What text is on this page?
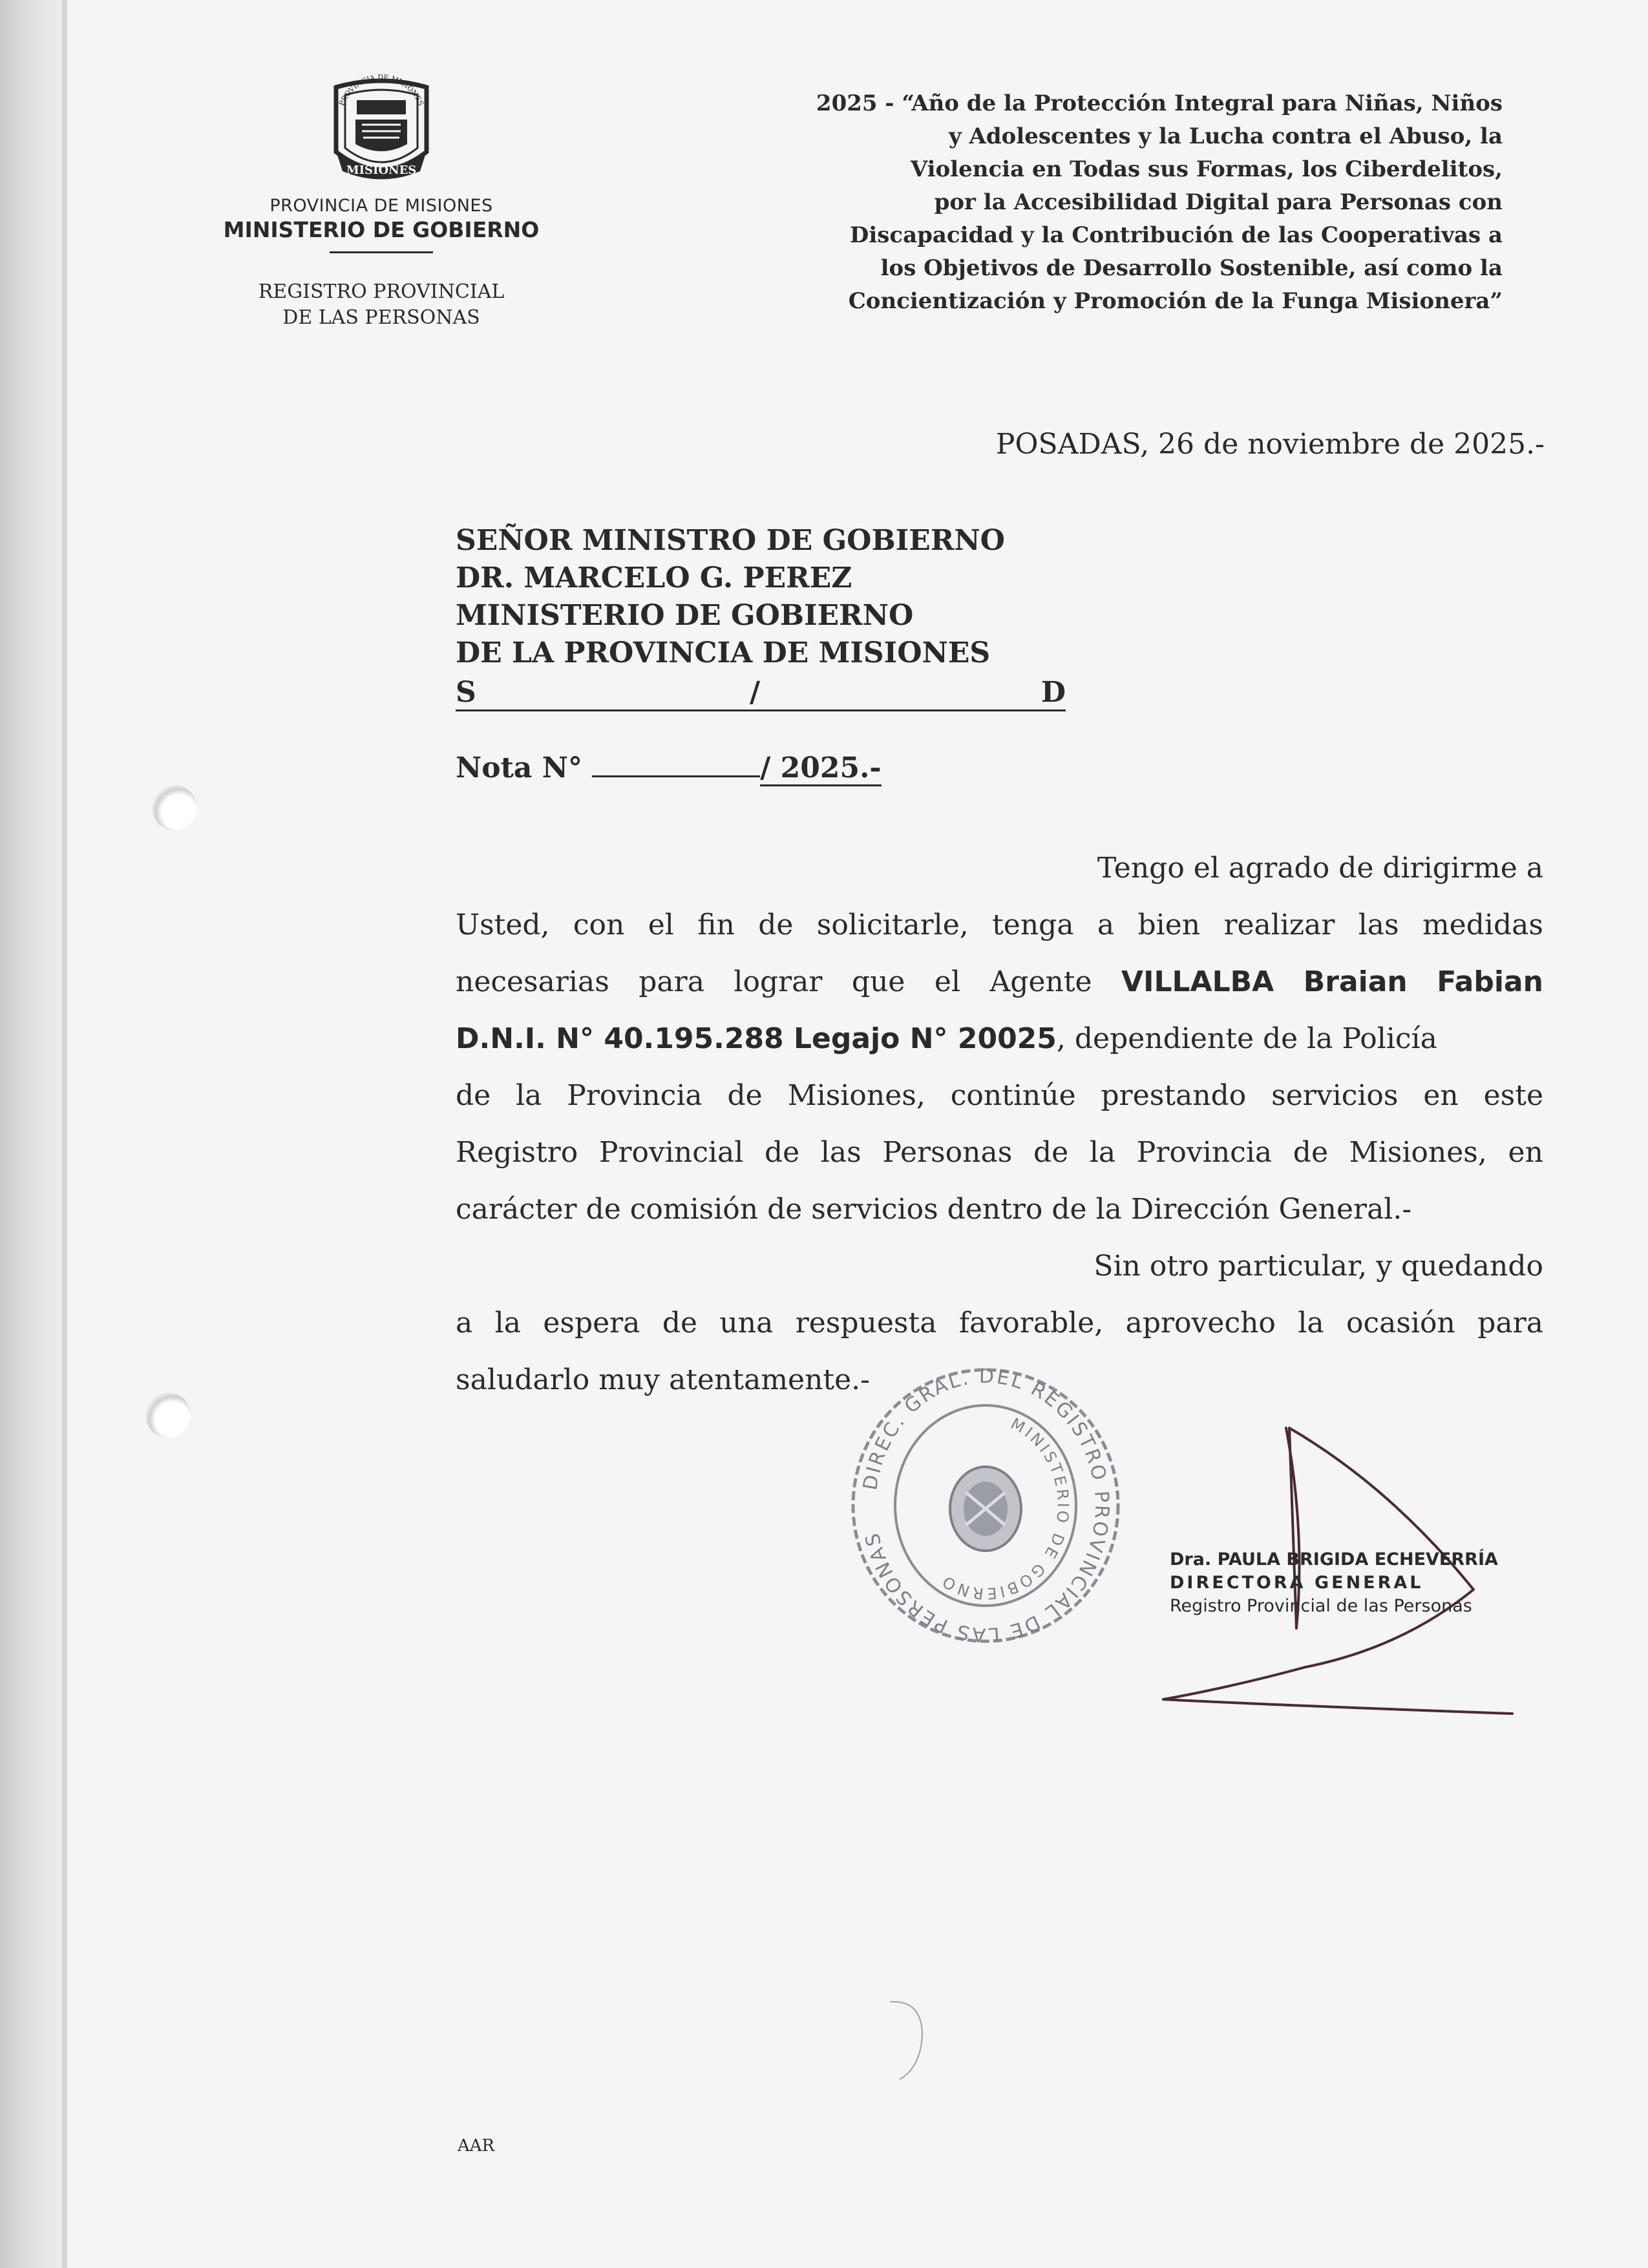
MISIONES
PROVINCIA DE MISIONES
PROVINCIA DE MISIONES
MINISTERIO DE GOBIERNO
REGISTRO PROVINCIAL
DE LAS PERSONAS
2025 - “Año de la Protección Integral para Niñas, Niños
y Adolescentes y la Lucha contra el Abuso, la
Violencia en Todas sus Formas, los Ciberdelitos,
por la Accesibilidad Digital para Personas con
Discapacidad y la Contribución de las Cooperativas a
los Objetivos de Desarrollo Sostenible, así como la
Concientización y Promoción de la Funga Misionera”
POSADAS, 26 de noviembre de 2025.-
SEÑOR MINISTRO DE GOBIERNO
DR. MARCELO G. PEREZ
MINISTERIO DE GOBIERNO
DE LA PROVINCIA DE MISIONES
S	/	D
Nota N°	/ 2025.-
Tengo el agrado de dirigirme a
Usted, con el fin de solicitarle, tenga a bien realizar las medidas
necesarias para lograr que el Agente VILLALBA Braian Fabian
D.N.I. N° 40.195.288 Legajo N° 20025, dependiente de la Policía
de la Provincia de Misiones, continúe prestando servicios en este
Registro Provincial de las Personas de la Provincia de Misiones, en
carácter de comisión de servicios dentro de la Dirección General.-
Sin otro particular, y quedando
a la espera de una respuesta favorable, aprovecho la ocasión para
saludarlo muy atentamente.-
DIREC. GRAL. DEL REGISTRO PROVINCIAL DE LAS PERSONAS
MINISTERIO DE GOBIERNO
Dra. PAULA BRIGIDA ECHEVERRÍA
DIRECTORA GENERAL
Registro Provincial de las Personas
AAR
